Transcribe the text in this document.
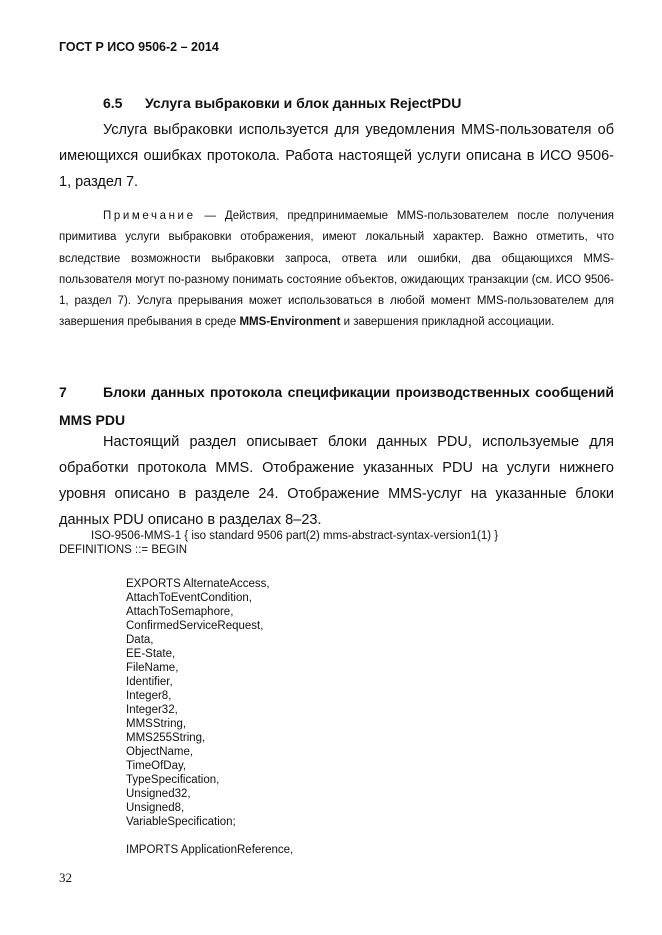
ГОСТ Р ИСО 9506-2 – 2014
6.5 Услуга выбраковки и блок данных RejectPDU

Услуга выбраковки используется для уведомления MMS-пользователя об имеющихся ошибках протокола. Работа настоящей услуги описана в ИСО 9506-1, раздел 7.

Примечание — Действия, предпринимаемые MMS-пользователем после получения примитива услуги выбраковки отображения, имеют локальный характер. Важно отметить, что вследствие возможности выбраковки запроса, ответа или ошибки, два общающихся MMS-пользователя могут по-разному понимать состояние объектов, ожидающих транзакции (см. ИСО 9506-1, раздел 7). Услуга прерывания может использоваться в любой момент MMS-пользователем для завершения пребывания в среде MMS-Environment и завершения прикладной ассоциации.

7	Блоки данных протокола спецификации производственных сообщений MMS PDU

Настоящий раздел описывает блоки данных PDU, используемые для обработки протокола MMS. Отображение указанных PDU на услуги нижнего уровня описано в разделе 24. Отображение MMS-услуг на указанные блоки данных PDU описано в разделах 8–23.

ISO-9506-MMS-1 { iso standard 9506 part(2) mms-abstract-syntax-version1(1) }
DEFINITIONS ::= BEGIN
EXPORTS AlternateAccess,
AttachToEventCondition,
AttachToSemaphore,
ConfirmedServiceRequest,
Data,
EE-State,
FileName,
Identifier,
Integer8,
Integer32,
MMSString,
MMS255String,
ObjectName,
TimeOfDay,
TypeSpecification,
Unsigned32,
Unsigned8,
VariableSpecification;
IMPORTS ApplicationReference,
32
